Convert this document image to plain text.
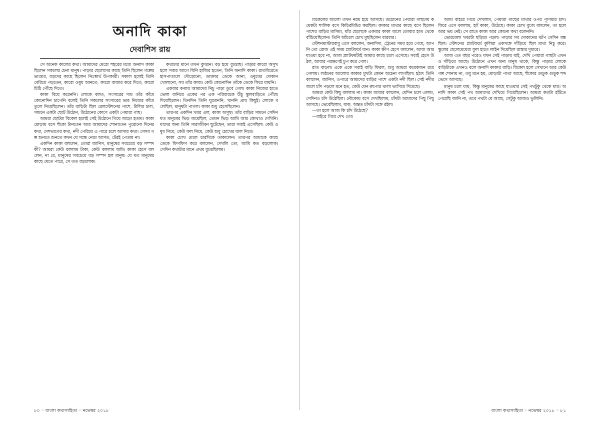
অনাদি কাকা

দেবাশিস রায়

সে অনেক কালের কথা। আমাদের মেঠো শহরের মধ্যে অনাদি কাকা ছিলেন সকলের চেনা মানুষ। পাড়ার ছেলেদের কাছে তিনি ছিলেন গল্পের ভাণ্ডার, বড়দের কাছে ছিলেন নিঃস্বার্থ উপকারী। সকাল হলেই তিনি বেরিয়ে পড়তেন, কারো ওষুধ আনতে, কারো বাজার করে দিতে, কারো চিঠি পৌঁছে দিতে।

কাকা বিয়ে করেননি। লোকে বলত, সংসারের দায় তাঁর কাঁধে কোনোদিন চাপেনি বলেই তিনি সকলের সংসারের ভার নিজের কাঁধে তুলে নিয়েছিলেন। তাঁর বাড়িটা ছিল রেলস্টেশনের পাশে, টালির চাল, সামনে একটা ছোট উঠোন, উঠোনের কোণে একটা পেয়ারা গাছ।

আমরা ছোটরা বিকেল হলেই সেই উঠোনে গিয়ে জড়ো হতাম। কাকা মোড়ায় বসে হুঁকো টানতেন আর আমাদের শোনাতেন পুরোনো দিনের কথা, দেশভাগের কথা, নদী পেরিয়ে এ পারে চলে আসার কথা। সেসব গল্প শুনতে শুনতে কখন যে সন্ধে নেমে আসত, টেরই পেতাম না।

একদিন কাকা বললেন, তোরা জানিস, মানুষের সবচেয়ে বড় সম্পদ কী? আমরা কেউ বললাম টাকা, কেউ বললাম জমি। কাকা হেসে বললেন, না রে, মানুষের সবচেয়ে বড় সম্পদ হল মানুষ। যে যত মানুষের কাছে যেতে পারে, সে তত বড়লোক।

কথাটার মানে তখন বুঝিনি। বড় হয়ে বুঝেছি। পাড়ার কারো অসুখ হলে সবার আগে যিনি হাজির হতেন, তিনি অনাদি কাকা। রাতবিরেতে হাসপাতালে দৌড়োনো, ডাক্তার ডেকে আনা, ওষুধের দোকান খোলানো, সব তাঁর কাজ। কেউ কোনোদিন তাঁকে ডেকে ফিরে যায়নি।

একবার বন্যায় আমাদের নিচু পাড়া ডুবে গেল। কাকা নিজের হাতে ভেলা বানিয়ে একের পর এক পরিবারকে উঁচু স্কুলবাড়িতে পৌঁছে দিয়েছিলেন। তিনদিন তিনি ঘুমোননি, খাননি প্রায় কিছুই। লোকে বলেছিল, মানুষটা পাগল। কাকা শুধু হেসেছিলেন।

তারপর একদিন খবর এল, কাকা অসুস্থ। তাঁর বাড়ির সামনে সেদিন যত মানুষের ভিড় জমেছিল, তেমন ভিড় আমি আর কোথাও দেখিনি। যাদের জন্য তিনি সারাজীবন ছুটেছেন, তারা সবাই এসেছিল। কেউ ওষুধ নিয়ে, কেউ ফল নিয়ে, কেউ শুধু চোখের জল নিয়ে।

কাকা চোখ মেলে চারদিকে তাকালেন। তারপর আমাকে কাছে ডেকে ফিসফিস করে বললেন, দেখলি তো, আমি কত বড়লোক। সেদিন কথাটার মানে প্রথম বুঝেছিলাম।

৮০ ◦ বাংলা কথাসাহিত্য ◦ নভেম্বর ২০১৮

বিকেলের আলো তখন নরম হয়ে আসছে। উঠোনের পেয়ারা গাছটায় কয়েকটা শালিক বসে কিচিরমিচির করছিল। কাকার মাথার কাছে বসে ছিলেন পাশের বাড়ির মাসিমা, যাঁর ছেলেকে একবার কাকা জলে ডোবার হাত থেকে বাঁচিয়েছিলেন। তিনি আঁচলে চোখ মুছছিলেন বারবার।

স্টেশনমাস্টারবাবু এসে বললেন, অনাদিদা, ট্রেনের সময় হয়ে গেছে, আপনি তো রোজ এই সময় প্ল্যাটফর্মে যান। কাকা ক্ষীণ হেসে বললেন, আজ আর যাওয়া হবে না, আজ প্ল্যাটফর্মটাই আমার কাছে চলে এসেছে। সবাই হেসে উঠল, আবার পরক্ষণেই চুপ করে গেল।

রাত বাড়ল। একে একে সবাই বাড়ি ফিরল, শুধু আমরা কয়েকজন রয়ে গেলাম। লণ্ঠনের আলোয় কাকার মুখটা কেমন অচেনা লাগছিল। হঠাৎ তিনি বললেন, জানিস, ওপারে আমাদের বাড়ির পাশে একটা নদী ছিল। সেই নদীর জলে চাঁদ পড়লে মনে হত, কেউ যেন রুপোর থালা ভাসিয়ে দিয়েছে।

আমরা কেউ কিছু বললাম না। কাকা আবার বললেন, যেদিন চলে এলাম, সেদিনও চাঁদ উঠেছিল। নৌকোয় বসে দেখছিলাম, চাঁদটা আমাদের পিছু পিছু আসছে। ভেবেছিলাম, যাক, অন্তত চাঁদটা সঙ্গে রইল।

—তা হলে আজ কি চাঁদ উঠেছে?

—বাইরে গিয়ে দেখ তো।

আমি বাইরে গিয়ে দেখলাম, পেয়ারা গাছের মাথার ওপর পূর্ণিমার চাঁদ। ফিরে এসে বললাম, হ্যাঁ কাকা, উঠেছে। কাকা চোখ বুজে বললেন, তা হলে আর ভয় নেই। সে রাতে কাকা আর কোনো কথা বলেননি।

ভোরবেলা খবরটা ছড়িয়ে পড়ল। পাড়ার সব দোকানের ঝাঁপ সেদিন বন্ধ ছিল। স্টেশনের প্ল্যাটফর্মে কুলিরা একসঙ্গে দাঁড়িয়ে ছিল মাথা নিচু করে। স্কুলের ছেলেমেয়েরা ফুল হাতে লাইন দিয়েছিল রাস্তার দুধারে।

আজ এত বছর পরেও যখন সেই পাড়ায় যাই, দেখি পেয়ারা গাছটা এখনও দাঁড়িয়ে আছে। উঠোনে এখন অন্য মানুষ থাকে, কিন্তু পাড়ার লোকে বাড়িটাকে এখনও বলে অনাদি কাকার বাড়ি। বিকেল হলে সেখানে আর কেউ গল্প শোনায় না, তবু মনে হয়, মোড়াটা পাতা আছে, হুঁকোর গুড়ুক গুড়ুক শব্দ ভেসে আসছে।

মানুষ চলে যায়, কিন্তু মানুষের কাছে যাওয়ার সেই পথটুকু থেকে যায়। অনাদি কাকা সেই পথ আমাদের দেখিয়ে গিয়েছিলেন। আমরা কতটা হাঁটতে পেরেছি জানি না, তবে পথটা যে আছে, সেটুকু আজও ভুলিনি।

বাংলা কথাসাহিত্য ◦ নভেম্বর ২০১৮ ◦ ৮১
